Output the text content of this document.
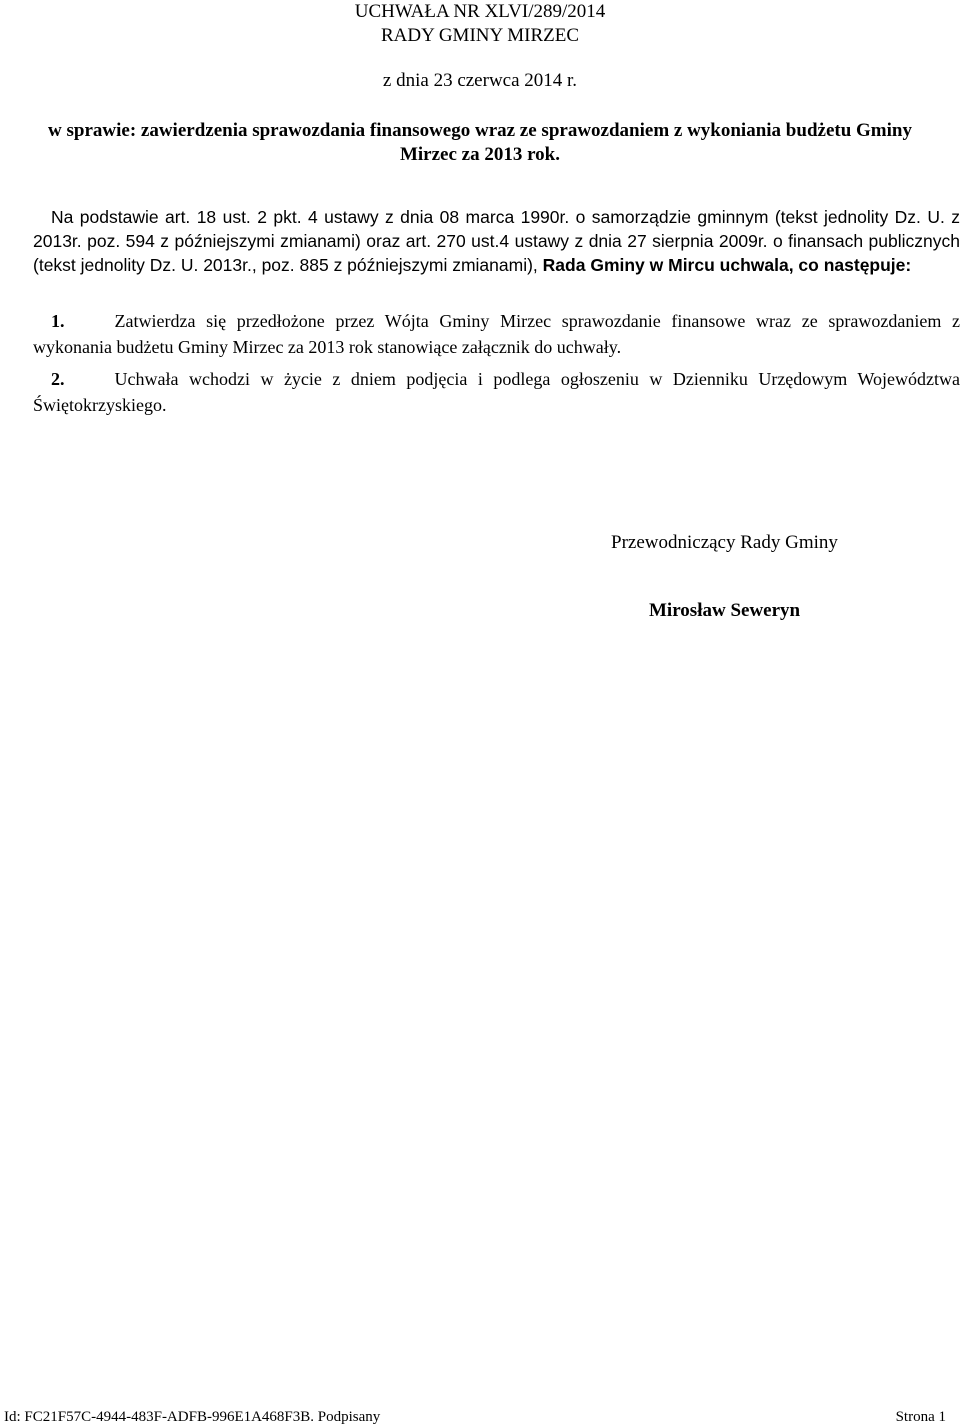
UCHWAŁA NR XLVI/289/2014
RADY GMINY MIRZEC
z dnia 23 czerwca 2014 r.
w sprawie: zawierdzenia sprawozdania finansowego wraz ze sprawozdaniem z wykoniania budżetu Gminy
Mirzec za 2013 rok.
Na podstawie art. 18 ust. 2 pkt. 4 ustawy z dnia 08 marca 1990r. o samorządzie gminnym (tekst jednolity Dz. U. z 2013r. poz. 594 z późniejszymi zmianami) oraz art. 270 ust.4 ustawy z dnia 27 sierpnia 2009r. o finansach publicznych (tekst jednolity Dz. U. 2013r., poz. 885 z późniejszymi zmianami), Rada Gminy w Mircu uchwala, co następuje:
1.	Zatwierdza się przedłożone przez Wójta Gminy Mirzec sprawozdanie finansowe wraz ze sprawozdaniem z wykonania budżetu Gminy Mirzec za 2013 rok stanowiące załącznik do uchwały.
2.	Uchwała wchodzi w życie z dniem podjęcia i podlega ogłoszeniu w Dzienniku Urzędowym Województwa Świętokrzyskiego.
Przewodniczący Rady Gminy
Mirosław Seweryn
Id: FC21F57C-4944-483F-ADFB-996E1A468F3B. Podpisany	Strona 1
